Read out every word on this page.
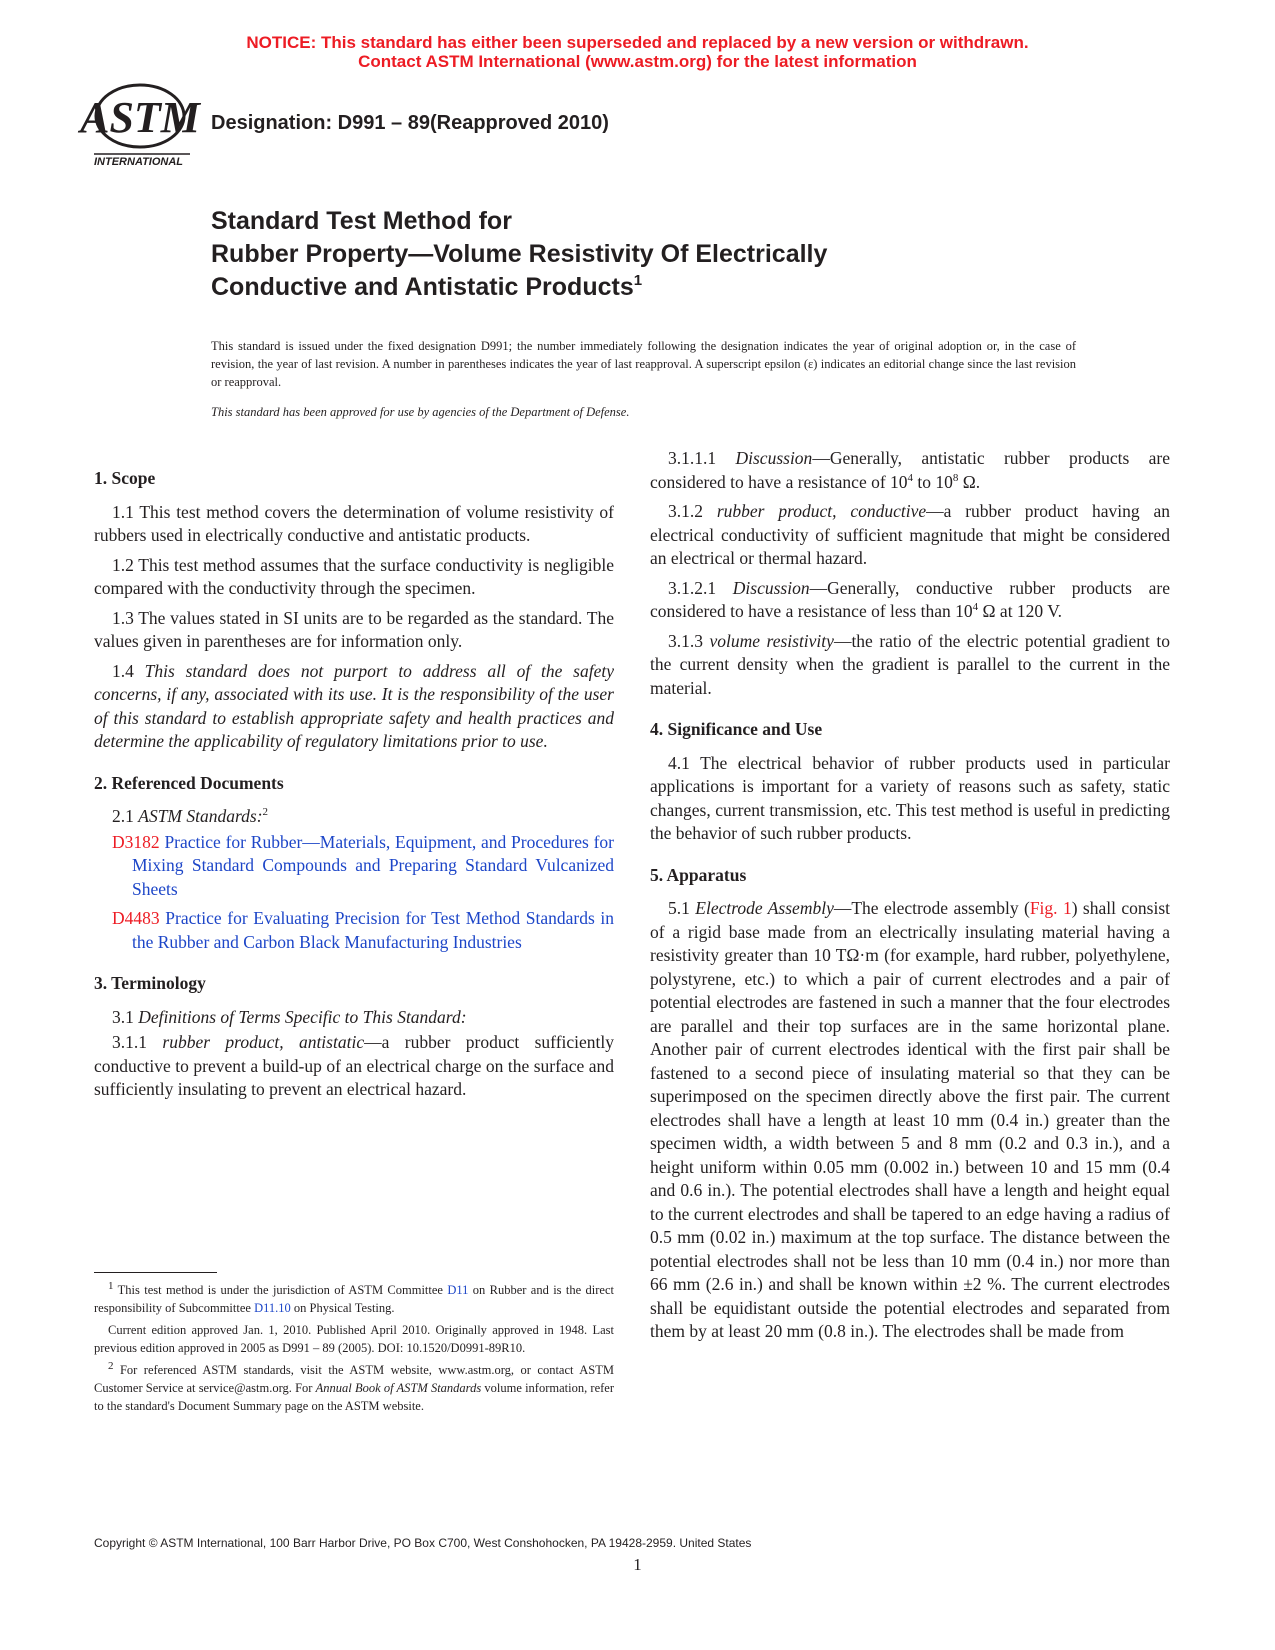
NOTICE: This standard has either been superseded and replaced by a new version or withdrawn.
Contact ASTM International (www.astm.org) for the latest information
ASTM
INTERNATIONAL
Designation: D991 – 89(Reapproved 2010)
Standard Test Method for
Rubber Property—Volume Resistivity Of Electrically
Conductive and Antistatic Products$^1$
This standard is issued under the fixed designation D991; the number immediately following the designation indicates the year of original adoption or, in the case of revision, the year of last revision. A number in parentheses indicates the year of last reapproval. A superscript epsilon (ε) indicates an editorial change since the last revision or reapproval.
This standard has been approved for use by agencies of the Department of Defense.
1. Scope

1.1 This test method covers the determination of volume resistivity of rubbers used in electrically conductive and antistatic products.

1.2 This test method assumes that the surface conductivity is negligible compared with the conductivity through the specimen.

1.3 The values stated in SI units are to be regarded as the standard. The values given in parentheses are for information only.

1.4 This standard does not purport to address all of the safety concerns, if any, associated with its use. It is the responsibility of the user of this standard to establish appropriate safety and health practices and determine the applicability of regulatory limitations prior to use.

2. Referenced Documents

2.1 ASTM Standards:$^2$

D3182 Practice for Rubber—Materials, Equipment, and Procedures for Mixing Standard Compounds and Preparing Standard Vulcanized Sheets

D4483 Practice for Evaluating Precision for Test Method Standards in the Rubber and Carbon Black Manufacturing Industries

3. Terminology

3.1 Definitions of Terms Specific to This Standard:

3.1.1 rubber product, antistatic—a rubber product sufficiently conductive to prevent a build-up of an electrical charge on the surface and sufficiently insulating to prevent an electrical hazard.

3.1.1.1 Discussion—Generally, antistatic rubber products are considered to have a resistance of $10^4$ to $10^8$ Ω.

3.1.2 rubber product, conductive—a rubber product having an electrical conductivity of sufficient magnitude that might be considered an electrical or thermal hazard.

3.1.2.1 Discussion—Generally, conductive rubber products are considered to have a resistance of less than $10^4$ Ω at 120 V.

3.1.3 volume resistivity—the ratio of the electric potential gradient to the current density when the gradient is parallel to the current in the material.

4. Significance and Use

4.1 The electrical behavior of rubber products used in particular applications is important for a variety of reasons such as safety, static changes, current transmission, etc. This test method is useful in predicting the behavior of such rubber products.

5. Apparatus

5.1 Electrode Assembly—The electrode assembly (Fig. 1) shall consist of a rigid base made from an electrically insulating material having a resistivity greater than 10 TΩ·m (for example, hard rubber, polyethylene, polystyrene, etc.) to which a pair of current electrodes and a pair of potential electrodes are fastened in such a manner that the four electrodes are parallel and their top surfaces are in the same horizontal plane. Another pair of current electrodes identical with the first pair shall be fastened to a second piece of insulating material so that they can be superimposed on the specimen directly above the first pair. The current electrodes shall have a length at least 10 mm (0.4 in.) greater than the specimen width, a width between 5 and 8 mm (0.2 and 0.3 in.), and a height uniform within 0.05 mm (0.002 in.) between 10 and 15 mm (0.4 and 0.6 in.). The potential electrodes shall have a length and height equal to the current electrodes and shall be tapered to an edge having a radius of 0.5 mm (0.02 in.) maximum at the top surface. The distance between the potential electrodes shall not be less than 10 mm (0.4 in.) nor more than 66 mm (2.6 in.) and shall be known within ±2 %. The current electrodes shall be equidistant outside the potential electrodes and separated from them by at least 20 mm (0.8 in.). The electrodes shall be made from

$^1$ This test method is under the jurisdiction of ASTM Committee D11 on Rubber and is the direct responsibility of Subcommittee D11.10 on Physical Testing.

Current edition approved Jan. 1, 2010. Published April 2010. Originally approved in 1948. Last previous edition approved in 2005 as D991 – 89 (2005). DOI: 10.1520/D0991-89R10.

$^2$ For referenced ASTM standards, visit the ASTM website, www.astm.org, or contact ASTM Customer Service at service@astm.org. For Annual Book of ASTM Standards volume information, refer to the standard's Document Summary page on the ASTM website.

Copyright © ASTM International, 100 Barr Harbor Drive, PO Box C700, West Conshohocken, PA 19428-2959. United States
1
